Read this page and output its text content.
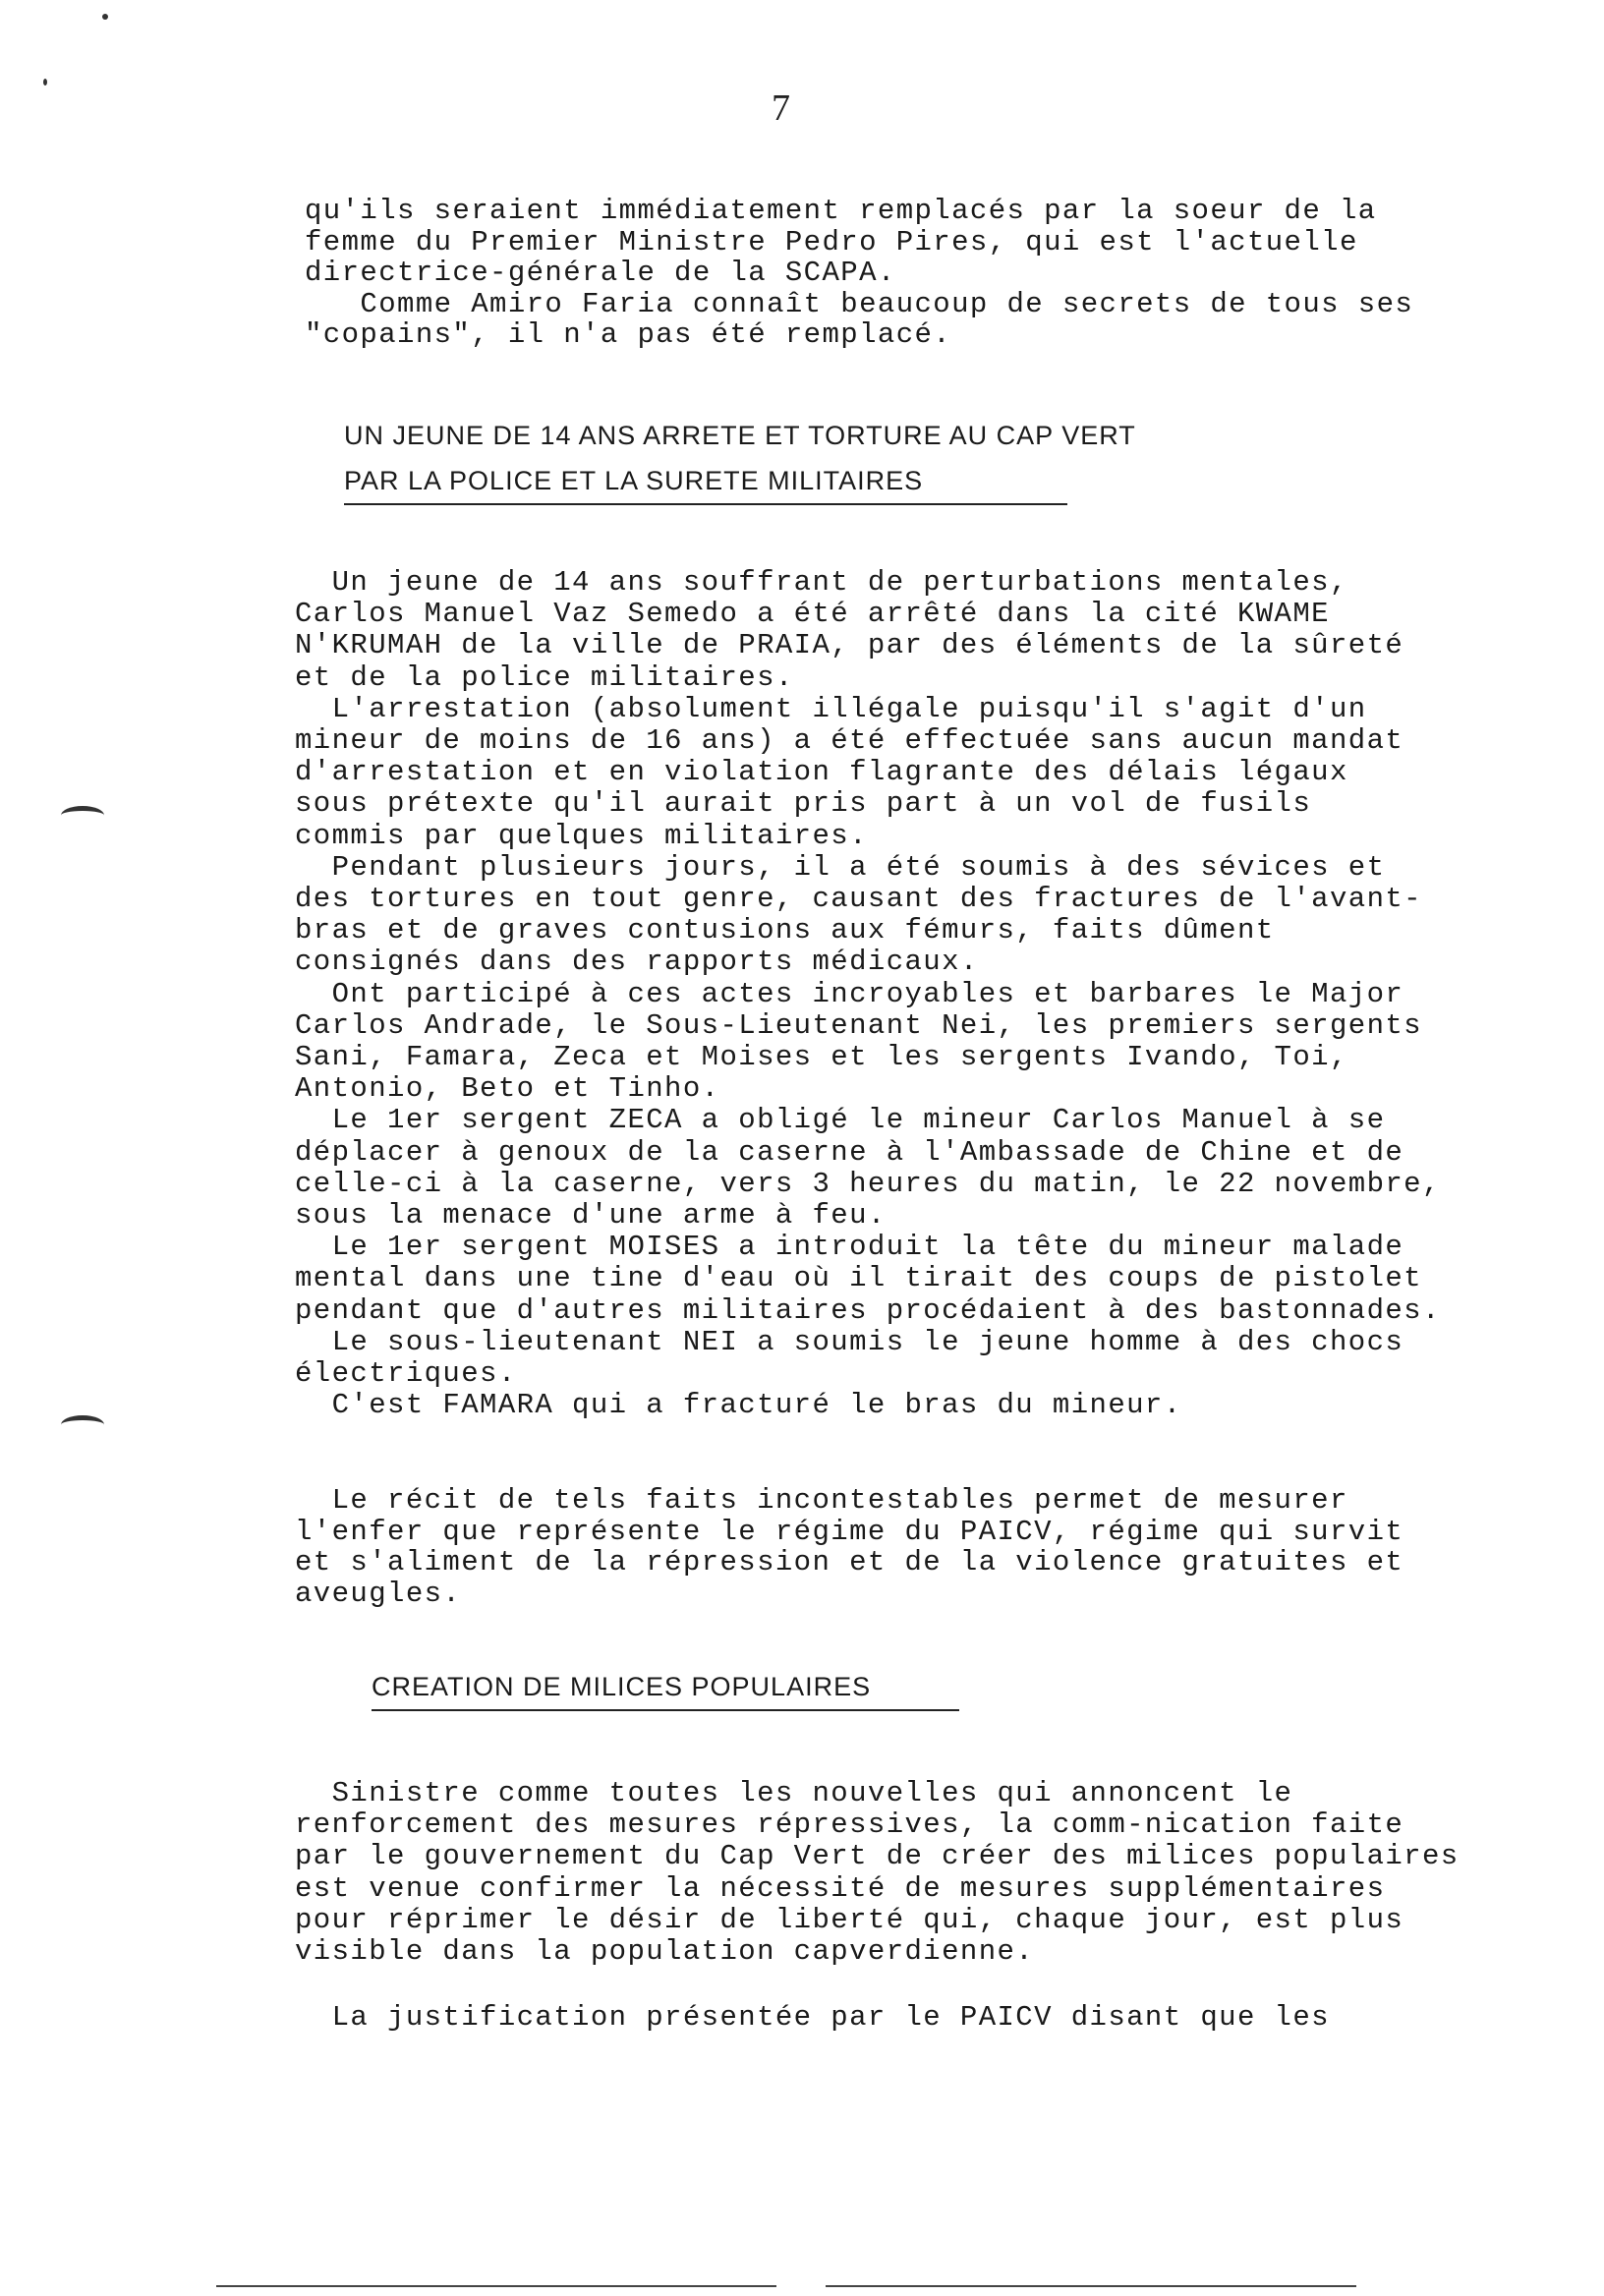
7
qu'ils seraient immédiatement remplacés par la soeur de la
femme du Premier Ministre Pedro Pires, qui est l'actuelle
directrice-générale de la SCAPA.
Comme Amiro Faria connaît beaucoup de secrets de tous ses
"copains", il n'a pas été remplacé.
UN JEUNE DE 14 ANS ARRETE ET TORTURE AU CAP VERT
PAR LA POLICE ET LA SURETE MILITAIRES
Un jeune de 14 ans souffrant de perturbations mentales,
Carlos Manuel Vaz Semedo a été arrêté dans la cité KWAME
N'KRUMAH de la ville de PRAIA, par des éléments de la sûreté
et de la police militaires.
L'arrestation (absolument illégale puisqu'il s'agit d'un
mineur de moins de 16 ans) a été effectuée sans aucun mandat
d'arrestation et en violation flagrante des délais légaux
sous prétexte qu'il aurait pris part à un vol de fusils
commis par quelques militaires.
Pendant plusieurs jours, il a été soumis à des sévices et
des tortures en tout genre, causant des fractures de l'avant-
bras et de graves contusions aux fémurs, faits dûment
consignés dans des rapports médicaux.
Ont participé à ces actes incroyables et barbares le Major
Carlos Andrade, le Sous-Lieutenant Nei, les premiers sergents
Sani, Famara, Zeca et Moises et les sergents Ivando, Toi,
Antonio, Beto et Tinho.
Le 1er sergent ZECA a obligé le mineur Carlos Manuel à se
déplacer à genoux de la caserne à l'Ambassade de Chine et de
celle-ci à la caserne, vers 3 heures du matin, le 22 novembre,
sous la menace d'une arme à feu.
Le 1er sergent MOISES a introduit la tête du mineur malade
mental dans une tine d'eau où il tirait des coups de pistolet
pendant que d'autres militaires procédaient à des bastonnades.
Le sous-lieutenant NEI a soumis le jeune homme à des chocs
électriques.
C'est FAMARA qui a fracturé le bras du mineur.
Le récit de tels faits incontestables permet de mesurer
l'enfer que représente le régime du PAICV, régime qui survit
et s'aliment de la répression et de la violence gratuites et
aveugles.
CREATION DE MILICES POPULAIRES
Sinistre comme toutes les nouvelles qui annoncent le
renforcement des mesures répressives, la comm-nication faite
par le gouvernement du Cap Vert de créer des milices populaires
est venue confirmer la nécessité de mesures supplémentaires
pour réprimer le désir de liberté qui, chaque jour, est plus
visible dans la population capverdienne.
La justification présentée par le PAICV disant que les
